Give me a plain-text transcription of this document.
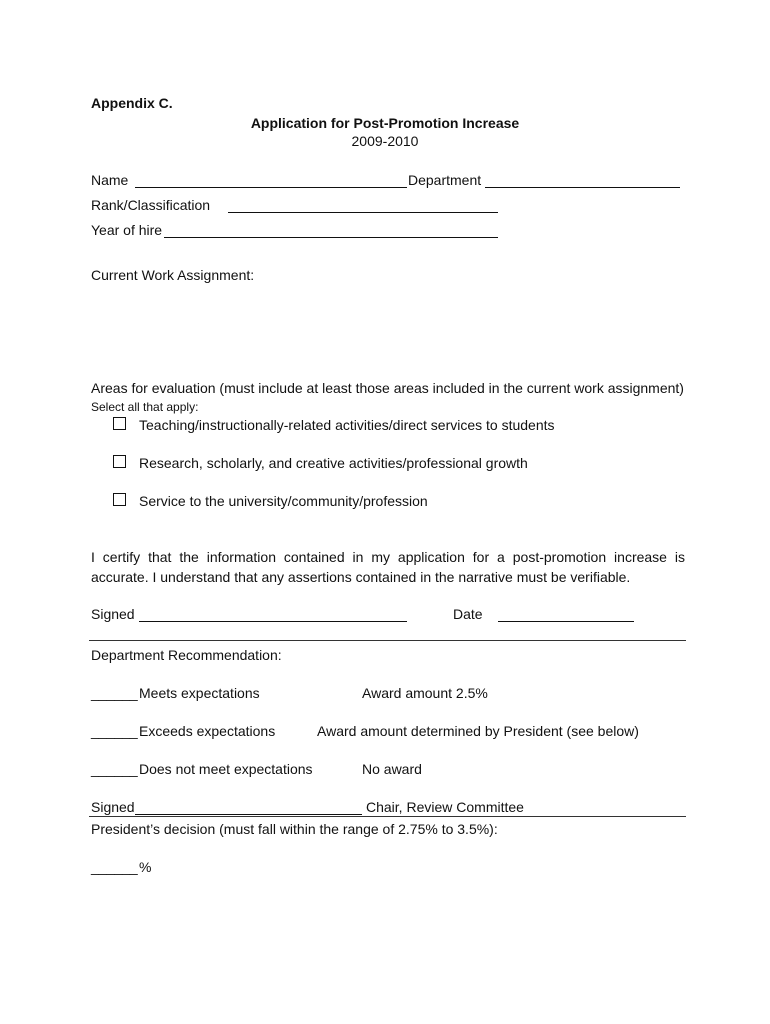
Appendix C.
Application for Post-Promotion Increase
2009-2010
Name	Department
Rank/Classification
Year of hire
Current Work Assignment:
Areas for evaluation (must include at least those areas included in the current work assignment)
Select all that apply:
Teaching/instructionally-related activities/direct services to students
Research, scholarly, and creative activities/professional growth
Service to the university/community/profession
I certify that the information contained in my application for a post-promotion increase is
accurate. I understand that any assertions contained in the narrative must be verifiable.
Signed	Date
Department Recommendation:
______ Meets expectations	Award amount 2.5%
______ Exceeds expectations	Award amount determined by President (see below)
______ Does not meet expectations	No award
Signed	Chair, Review Committee
President’s decision (must fall within the range of 2.75% to 3.5%):
______ %
